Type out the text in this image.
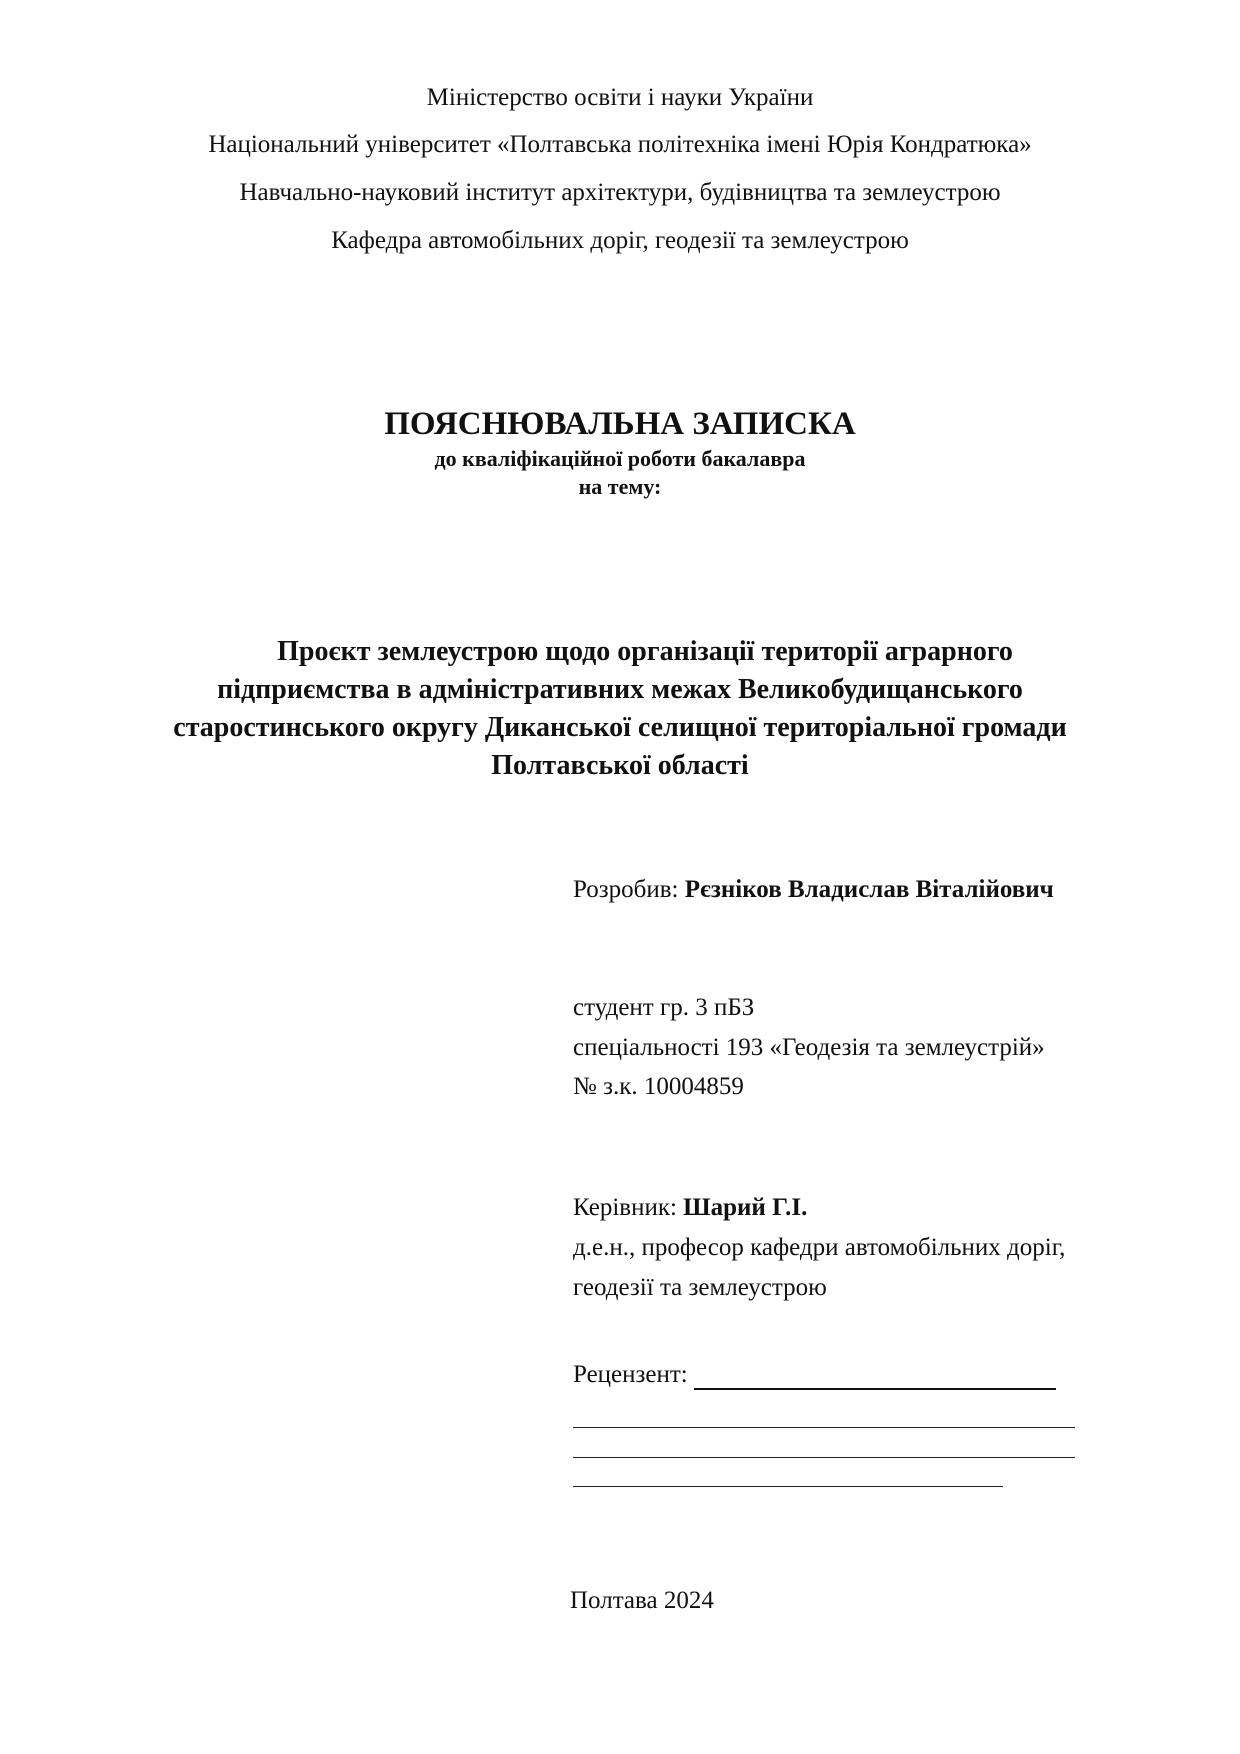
Міністерство освіти і науки України
Національний університет «Полтавська політехніка імені Юрія Кондратюка»
Навчально-науковий інститут архітектури, будівництва та землеустрою
Кафедра автомобільних доріг, геодезії та землеустрою
ПОЯСНЮВАЛЬНА ЗАПИСКА
до кваліфікаційної роботи бакалавра
на тему:
Проєкт землеустрою щодо організації території аграрного
підприємства в адміністративних межах Великобудищанського
старостинського округу Диканської селищної територіальної громади
Полтавської області
Розробив: Рєзніков Владислав Віталійович
студент гр. 3 пБЗ
спеціальності 193 «Геодезія та землеустрій»
№ з.к. 10004859
Керівник: Шарий Г.І.
д.е.н., професор кафедри автомобільних доріг,
геодезії та землеустрою
Рецензент:
Полтава 2024
